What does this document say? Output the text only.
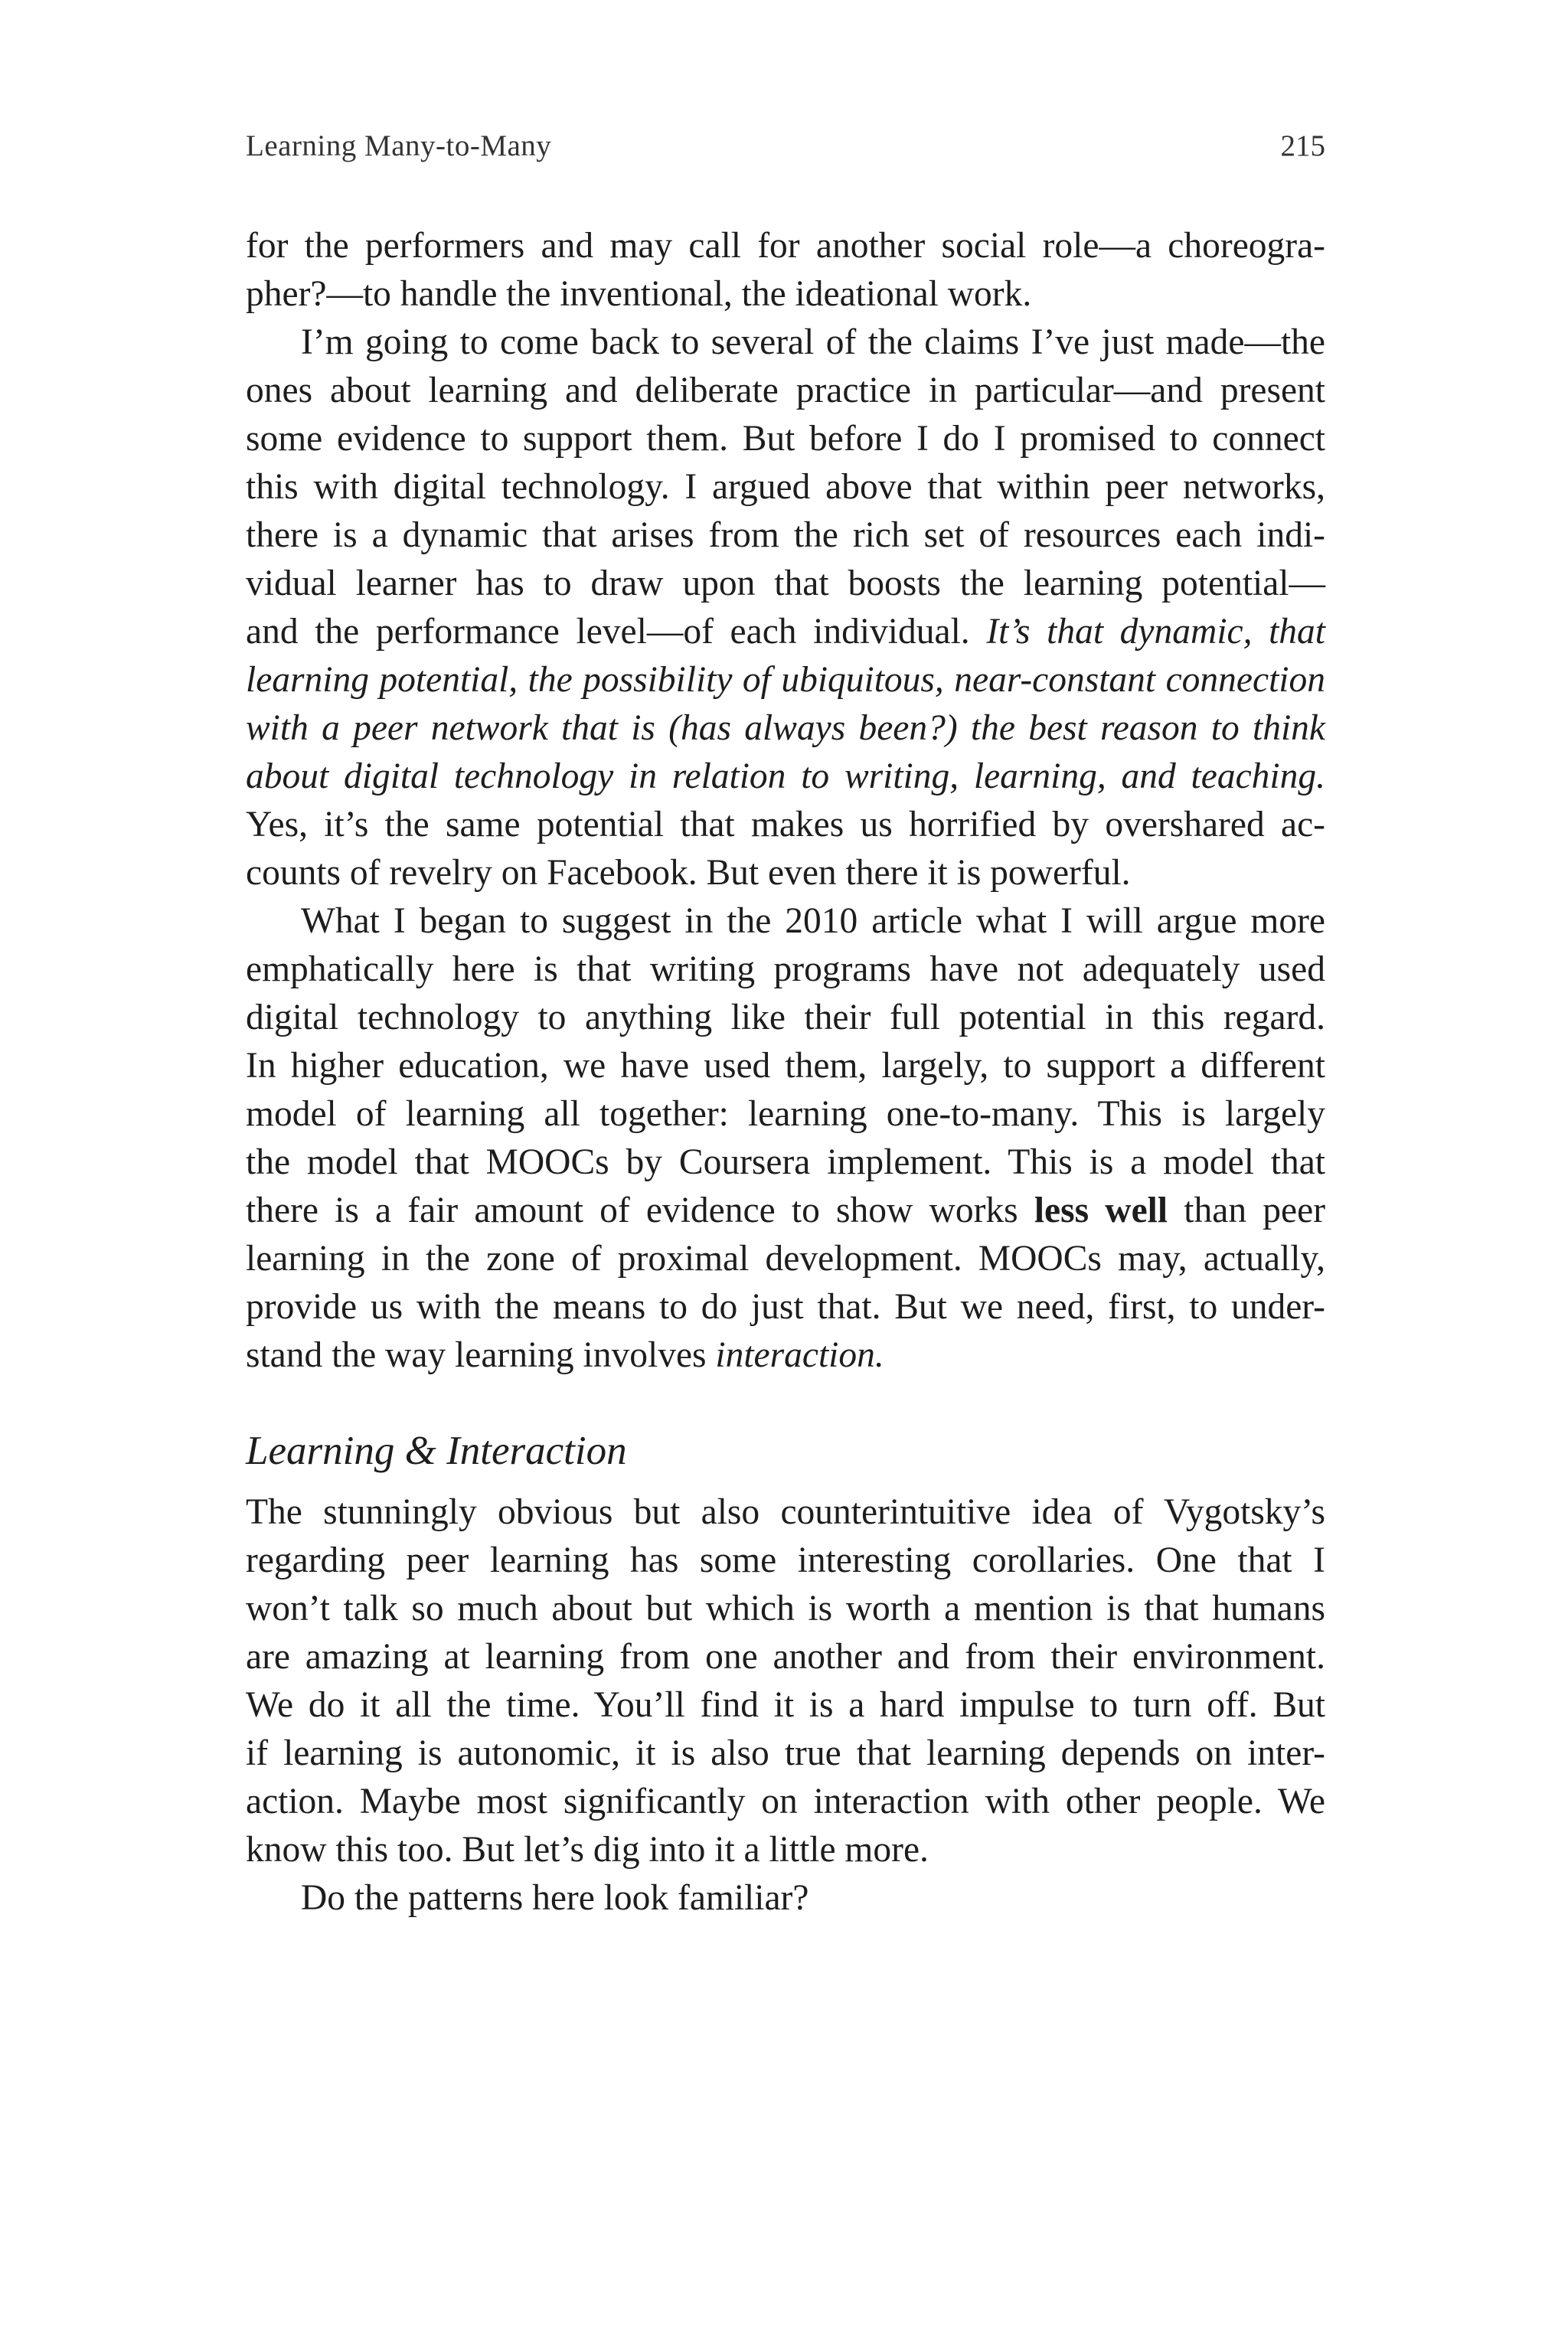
Learning Many-to-Many	215
for the performers and may call for another social role—a choreogra-
pher?—to handle the inventional, the ideational work.
I’m going to come back to several of the claims I’ve just made—the
ones about learning and deliberate practice in particular—and present
some evidence to support them. But before I do I promised to connect
this with digital technology. I argued above that within peer networks,
there is a dynamic that arises from the rich set of resources each indi-
vidual learner has to draw upon that boosts the learning potential—
and the performance level—of each individual. It’s that dynamic, that
learning potential, the possibility of ubiquitous, near-constant connection
with a peer network that is (has always been?) the best reason to think
about digital technology in relation to writing, learning, and teaching.
Yes, it’s the same potential that makes us horrified by overshared ac-
counts of revelry on Facebook. But even there it is powerful.
What I began to suggest in the 2010 article what I will argue more
emphatically here is that writing programs have not adequately used
digital technology to anything like their full potential in this regard.
In higher education, we have used them, largely, to support a different
model of learning all together: learning one-to-many. This is largely
the model that MOOCs by Coursera implement. This is a model that
there is a fair amount of evidence to show works less well than peer
learning in the zone of proximal development. MOOCs may, actually,
provide us with the means to do just that. But we need, first, to under-
stand the way learning involves interaction.
Learning & Interaction
The stunningly obvious but also counterintuitive idea of Vygotsky’s
regarding peer learning has some interesting corollaries. One that I
won’t talk so much about but which is worth a mention is that humans
are amazing at learning from one another and from their environment.
We do it all the time. You’ll find it is a hard impulse to turn off. But
if learning is autonomic, it is also true that learning depends on inter-
action. Maybe most significantly on interaction with other people. We
know this too. But let’s dig into it a little more.
Do the patterns here look familiar?
